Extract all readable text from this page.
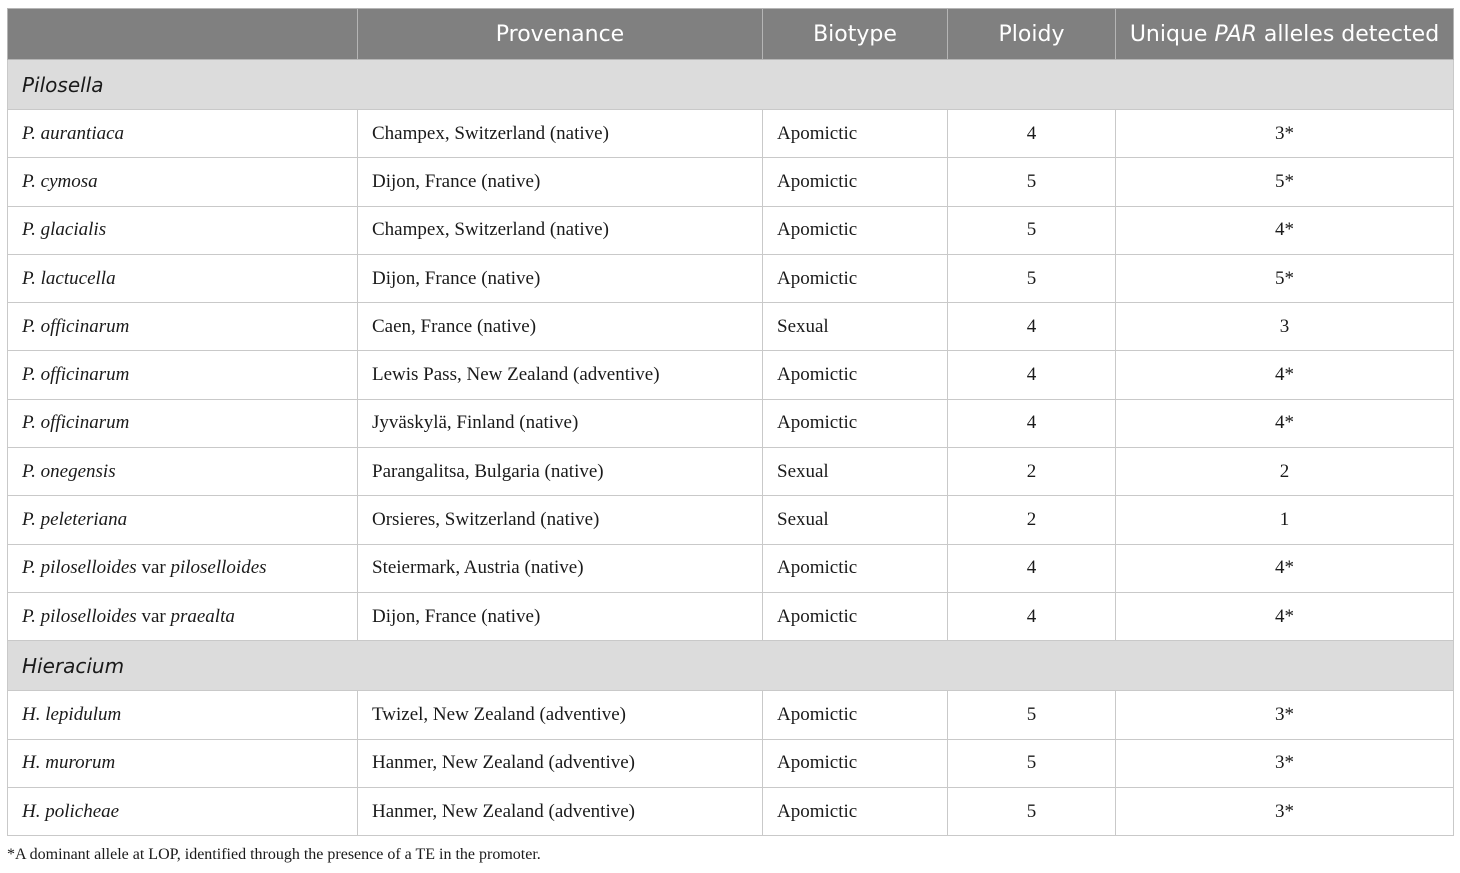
	Provenance	Biotype	Ploidy	Unique PAR alleles detected
Pilosella				
P. aurantiaca	Champex, Switzerland (native)	Apomictic	4	3*
P. cymosa	Dijon, France (native)	Apomictic	5	5*
P. glacialis	Champex, Switzerland (native)	Apomictic	5	4*
P. lactucella	Dijon, France (native)	Apomictic	5	5*
P. officinarum	Caen, France (native)	Sexual	4	3
P. officinarum	Lewis Pass, New Zealand (adventive)	Apomictic	4	4*
P. officinarum	Jyväskylä, Finland (native)	Apomictic	4	4*
P. onegensis	Parangalitsa, Bulgaria (native)	Sexual	2	2
P. peleteriana	Orsieres, Switzerland (native)	Sexual	2	1
P. piloselloides var piloselloides	Steiermark, Austria (native)	Apomictic	4	4*
P. piloselloides var praealta	Dijon, France (native)	Apomictic	4	4*
Hieracium				
H. lepidulum	Twizel, New Zealand (adventive)	Apomictic	5	3*
H. murorum	Hanmer, New Zealand (adventive)	Apomictic	5	3*
H. policheae	Hanmer, New Zealand (adventive)	Apomictic	5	3*
*A dominant allele at LOP, identified through the presence of a TE in the promoter.
